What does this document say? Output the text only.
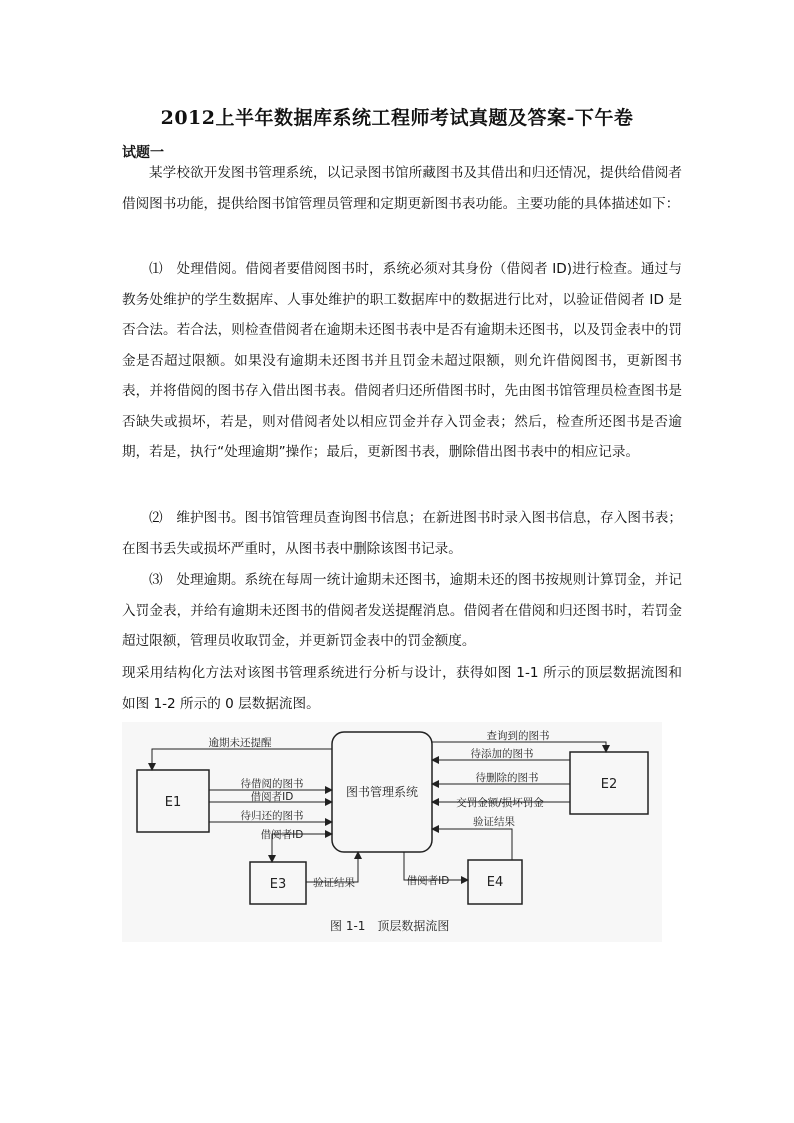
2012上半年数据库系统工程师考试真题及答案-下午卷
试题一

某学校欲开发图书管理系统，以记录图书馆所藏图书及其借出和归还情况，提供给借阅者借阅图书功能，提供给图书馆管理员管理和定期更新图书表功能。主要功能的具体描述如下：

⑴　处理借阅。借阅者要借阅图书时，系统必须对其身份（借阅者 ID)进行检查。通过与教务处维护的学生数据库、人事处维护的职工数据库中的数据进行比对，以验证借阅者 ID 是否合法。若合法，则检查借阅者在逾期未还图书表中是否有逾期未还图书，以及罚金表中的罚金是否超过限额。如果没有逾期未还图书并且罚金未超过限额，则允许借阅图书，更新图书表，并将借阅的图书存入借出图书表。借阅者归还所借图书时，先由图书馆管理员检查图书是否缺失或损坏，若是，则对借阅者处以相应罚金并存入罚金表；然后，检查所还图书是否逾期，若是，执行“处理逾期”操作；最后，更新图书表，删除借出图书表中的相应记录。

⑵　维护图书。图书馆管理员查询图书信息；在新进图书时录入图书信息，存入图书表；在图书丢失或损坏严重时，从图书表中删除该图书记录。

⑶　处理逾期。系统在每周一统计逾期未还图书，逾期未还的图书按规则计算罚金，并记入罚金表，并给有逾期未还图书的借阅者发送提醒消息。借阅者在借阅和归还图书时，若罚金超过限额，管理员收取罚金，并更新罚金表中的罚金额度。

现采用结构化方法对该图书管理系统进行分析与设计，获得如图 1-1 所示的顶层数据流图和如图 1-2 所示的 0 层数据流图。

E1
E2
E3	E4
图书管理系统
逾期未还提醒
待借阅的图书
借阅者ID
待归还的图书
借阅者ID
验证结果	借阅者ID
验证结果
查询到的图书
待添加的图书
待删除的图书
交罚金额/损坏罚金
图 1-1　顶层数据流图
